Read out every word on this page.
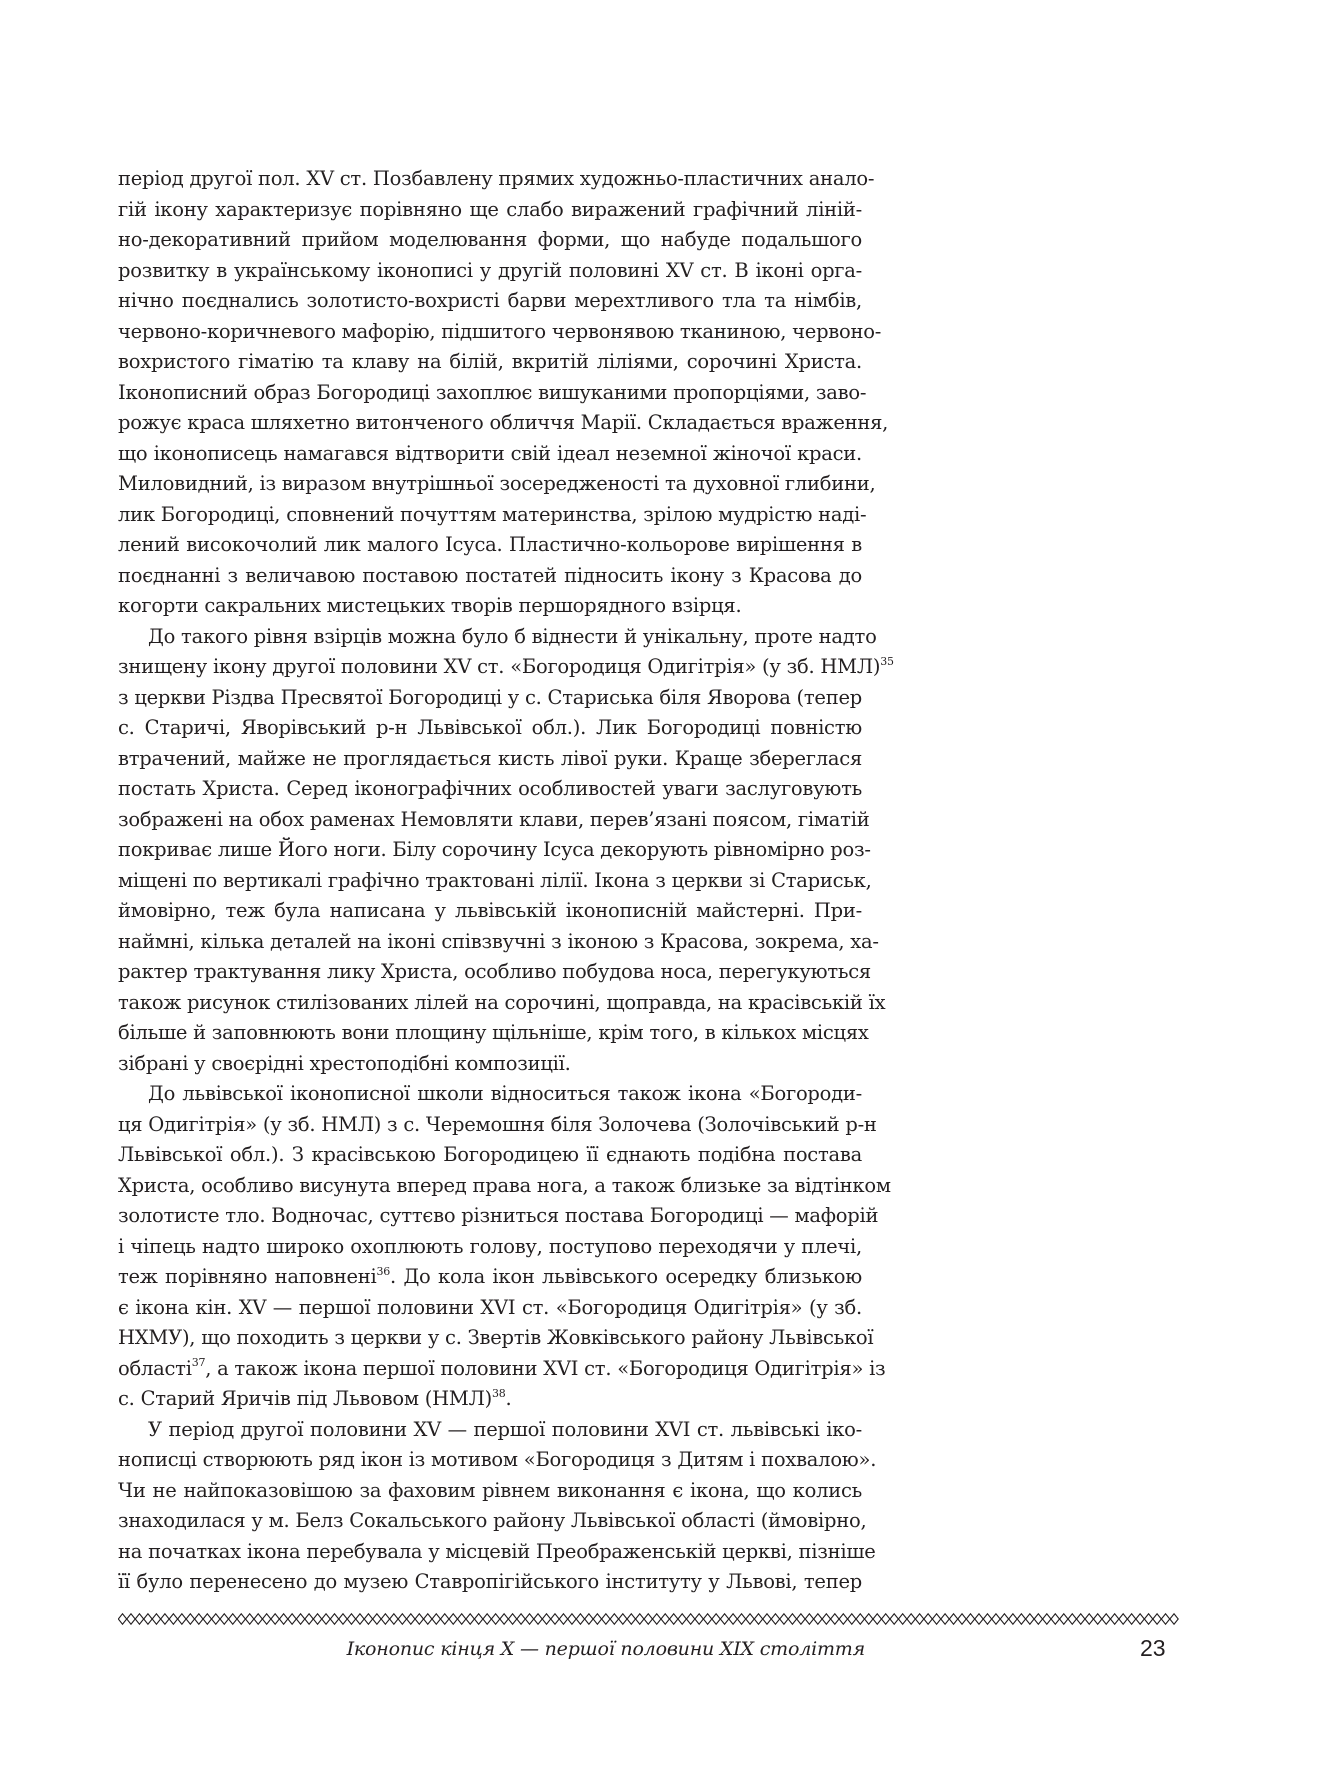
період другої пол. XV ст. Позбавлену прямих художньо-пластичних анало-
гій ікону характеризує порівняно ще слабо виражений графічний ліній-
но-декоративний прийом моделювання форми, що набуде подальшого
розвитку в українському іконописі у другій половині XV ст. В іконі орга-
нічно поєднались золотисто-вохристі барви мерехтливого тла та німбів,
червоно-коричневого мафорію, підшитого червонявою тканиною, червоно-
вохристого гіматію та клаву на білій, вкритій ліліями, сорочині Христа.
Іконописний образ Богородиці захоплює вишуканими пропорціями, заво-
рожує краса шляхетно витонченого обличчя Марії. Складається враження,
що іконописець намагався відтворити свій ідеал неземної жіночої краси.
Миловидний, із виразом внутрішньої зосередженості та духовної глибини,
лик Богородиці, сповнений почуттям материнства, зрілою мудрістю наді-
лений високочолий лик малого Ісуса. Пластично-кольорове вирішення в
поєднанні з величавою поставою постатей підносить ікону з Красова до
когорти сакральних мистецьких творів першорядного взірця.
До такого рівня взірців можна було б віднести й унікальну, проте надто
знищену ікону другої половини XV ст. «Богородиця Одигітрія» (у зб. НМЛ)$^{35}$
з церкви Різдва Пресвятої Богородиці у с. Стариська біля Яворова (тепер
с. Старичі, Яворівський р-н Львівської обл.). Лик Богородиці повністю
втрачений, майже не проглядається кисть лівої руки. Краще збереглася
постать Христа. Серед іконографічних особливостей уваги заслуговують
зображені на обох раменах Немовляти клави, перев’язані поясом, гіматій
покриває лише Його ноги. Білу сорочину Ісуса декорують рівномірно роз-
міщені по вертикалі графічно трактовані лілії. Ікона з церкви зі Стариськ,
ймовірно, теж була написана у львівській іконописній майстерні. При-
наймні, кілька деталей на іконі співзвучні з іконою з Красова, зокрема, ха-
рактер трактування лику Христа, особливо побудова носа, перегукуються
також рисунок стилізованих лілей на сорочині, щоправда, на красівській їх
більше й заповнюють вони площину щільніше, крім того, в кількох місцях
зібрані у своєрідні хрестоподібні композиції.
До львівської іконописної школи відноситься також ікона «Богороди-
ця Одигітрія» (у зб. НМЛ) з с. Черемошня біля Золочева (Золочівський р-н
Львівської обл.). З красівською Богородицею її єднають подібна постава
Христа, особливо висунута вперед права нога, а також близьке за відтінком
золотисте тло. Водночас, суттєво різниться постава Богородиці — мафорій
і чіпець надто широко охоплюють голову, поступово переходячи у плечі,
теж порівняно наповнені$^{36}$. До кола ікон львівського осередку близькою
є ікона кін. XV — першої половини XVI ст. «Богородиця Одигітрія» (у зб.
НХМУ), що походить з церкви у с. Звертів Жовківського району Львівської
області$^{37}$, а також ікона першої половини XVI ст. «Богородиця Одигітрія» із
с. Старий Яричів під Львовом (НМЛ)$^{38}$.
У період другої половини XV — першої половини XVI ст. львівські іко-
нописці створюють ряд ікон із мотивом «Богородиця з Дитям і похвалою».
Чи не найпоказовішою за фаховим рівнем виконання є ікона, що колись
знаходилася у м. Белз Сокальського району Львівської області (ймовірно,
на початках ікона перебувала у місцевій Преображенській церкві, пізніше
її було перенесено до музею Ставропігійського інституту у Львові, тепер
Іконопис кінця X — першої половини XIX століття	23
